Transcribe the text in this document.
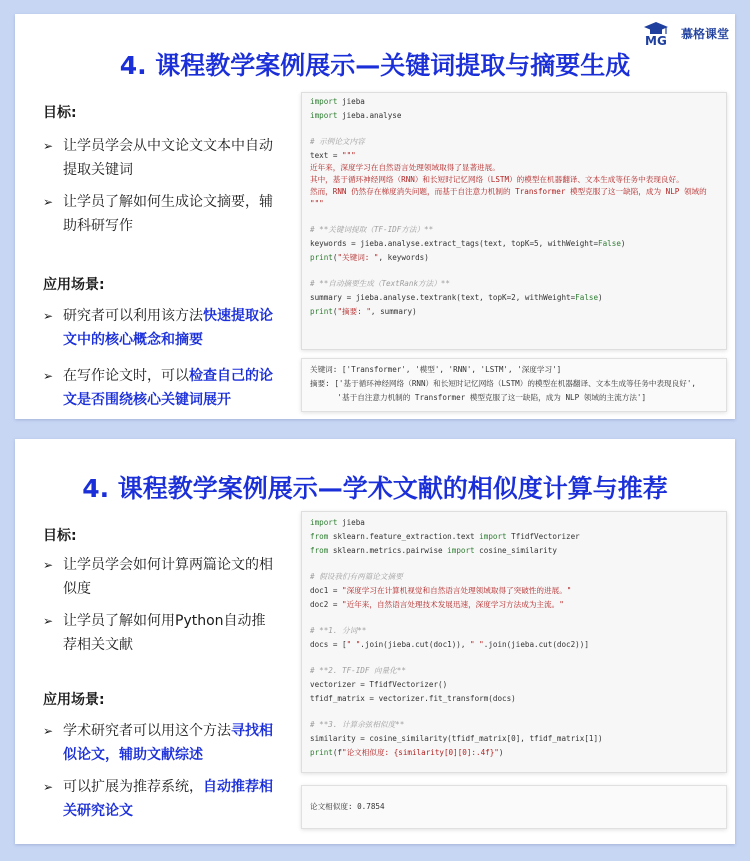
MG
慕格课堂
4. 课程教学案例展示—关键词提取与摘要生成
目标:
➢ 让学员学会从中文论文文本中自动提取关键词
➢ 让学员了解如何生成论文摘要，辅助科研写作
应用场景:
➢ 研究者可以利用该方法快速提取论文中的核心概念和摘要
➢ 在写作论文时，可以检查自己的论文是否围绕核心关键词展开
import jieba
import jieba.analyse
# 示例论文内容
text = """
近年来，深度学习在自然语言处理领域取得了显著进展。
其中，基于循环神经网络（RNN）和长短时记忆网络（LSTM）的模型在机器翻译、文本生成等任务中表现良好。
然而，RNN 仍然存在梯度消失问题，而基于自注意力机制的 Transformer 模型克服了这一缺陷，成为 NLP 领域的
"""
# **关键词提取（TF-IDF方法）**
keywords = jieba.analyse.extract_tags(text, topK=5, withWeight=False)
print("关键词: ", keywords)
# **自动摘要生成（TextRank方法）**
summary = jieba.analyse.textrank(text, topK=2, withWeight=False)
print("摘要: ", summary)
关键词: ['Transformer', '模型', 'RNN', 'LSTM', '深度学习']
摘要: ['基于循环神经网络（RNN）和长短时记忆网络（LSTM）的模型在机器翻译、文本生成等任务中表现良好',
'基于自注意力机制的 Transformer 模型克服了这一缺陷，成为 NLP 领域的主流方法']
4. 课程教学案例展示—学术文献的相似度计算与推荐
目标:
➢ 让学员学会如何计算两篇论文的相似度
➢ 让学员了解如何用Python自动推荐相关文献
应用场景:
➢ 学术研究者可以用这个方法寻找相似论文，辅助文献综述
➢ 可以扩展为推荐系统，自动推荐相关研究论文
import jieba
from sklearn.feature_extraction.text import TfidfVectorizer
from sklearn.metrics.pairwise import cosine_similarity
# 假设我们有两篇论文摘要
doc1 = "深度学习在计算机视觉和自然语言处理领域取得了突破性的进展。"
doc2 = "近年来，自然语言处理技术发展迅速，深度学习方法成为主流。"
# **1. 分词**
docs = [" ".join(jieba.cut(doc1)), " ".join(jieba.cut(doc2))]
# **2. TF-IDF 向量化**
vectorizer = TfidfVectorizer()
tfidf_matrix = vectorizer.fit_transform(docs)
# **3. 计算余弦相似度**
similarity = cosine_similarity(tfidf_matrix[0], tfidf_matrix[1])
print(f"论文相似度: {similarity[0][0]:.4f}")
论文相似度: 0.7854
